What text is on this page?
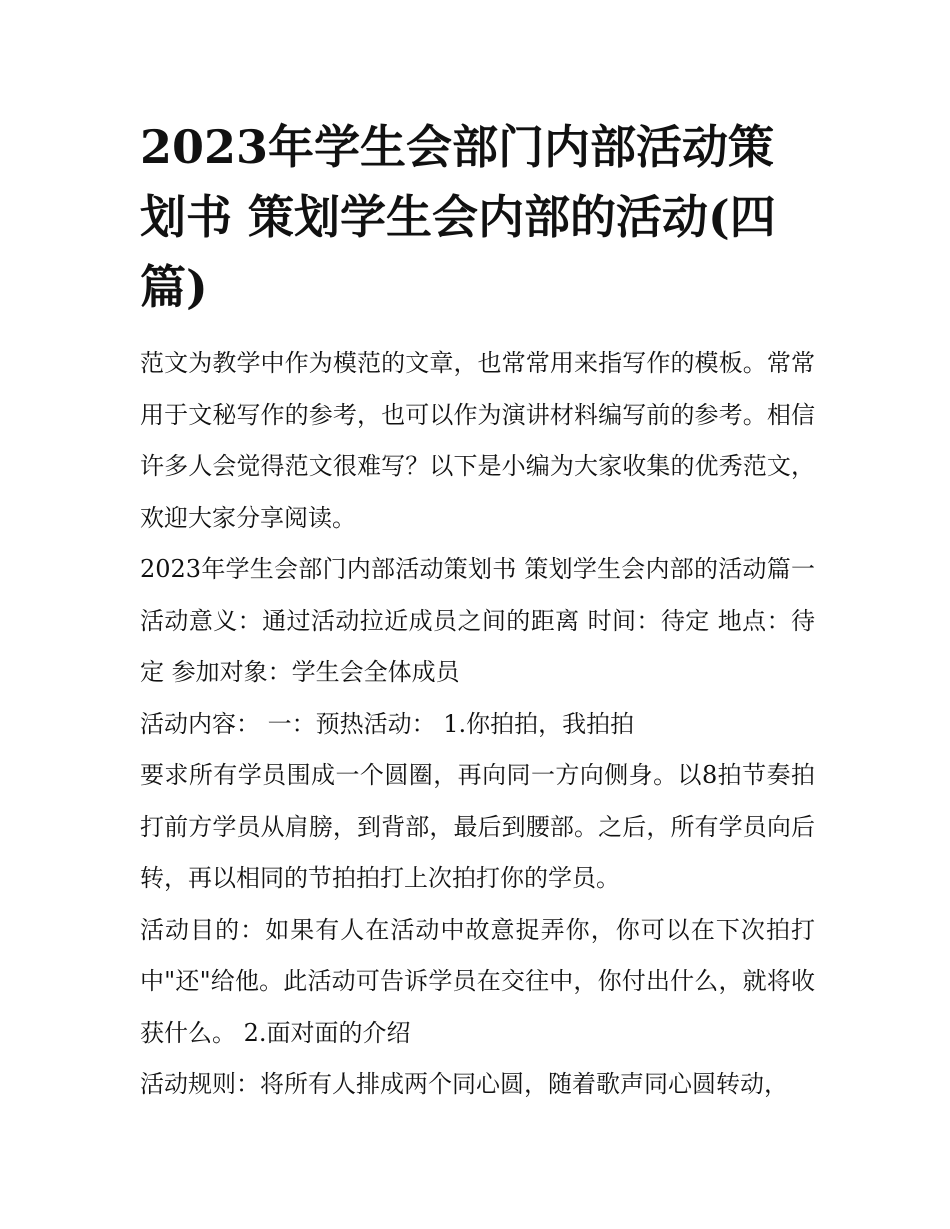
2023年学生会部门内部活动策划书 策划学生会内部的活动(四篇)

范文为教学中作为模范的文章，也常常用来指写作的模板。常常用于文秘写作的参考，也可以作为演讲材料编写前的参考。相信许多人会觉得范文很难写？以下是小编为大家收集的优秀范文，欢迎大家分享阅读。

2023年学生会部门内部活动策划书 策划学生会内部的活动篇一 活动意义：通过活动拉近成员之间的距离 时间：待定 地点：待定 参加对象：学生会全体成员

活动内容： 一：预热活动： 1.你拍拍，我拍拍

要求所有学员围成一个圆圈，再向同一方向侧身。以8拍节奏拍打前方学员从肩膀，到背部，最后到腰部。之后，所有学员向后转，再以相同的节拍拍打上次拍打你的学员。

活动目的：如果有人在活动中故意捉弄你，你可以在下次拍打中"还"给他。此活动可告诉学员在交往中，你付出什么，就将收获什么。 2.面对面的介绍

活动规则：将所有人排成两个同心圆，随着歌声同心圆转动，
